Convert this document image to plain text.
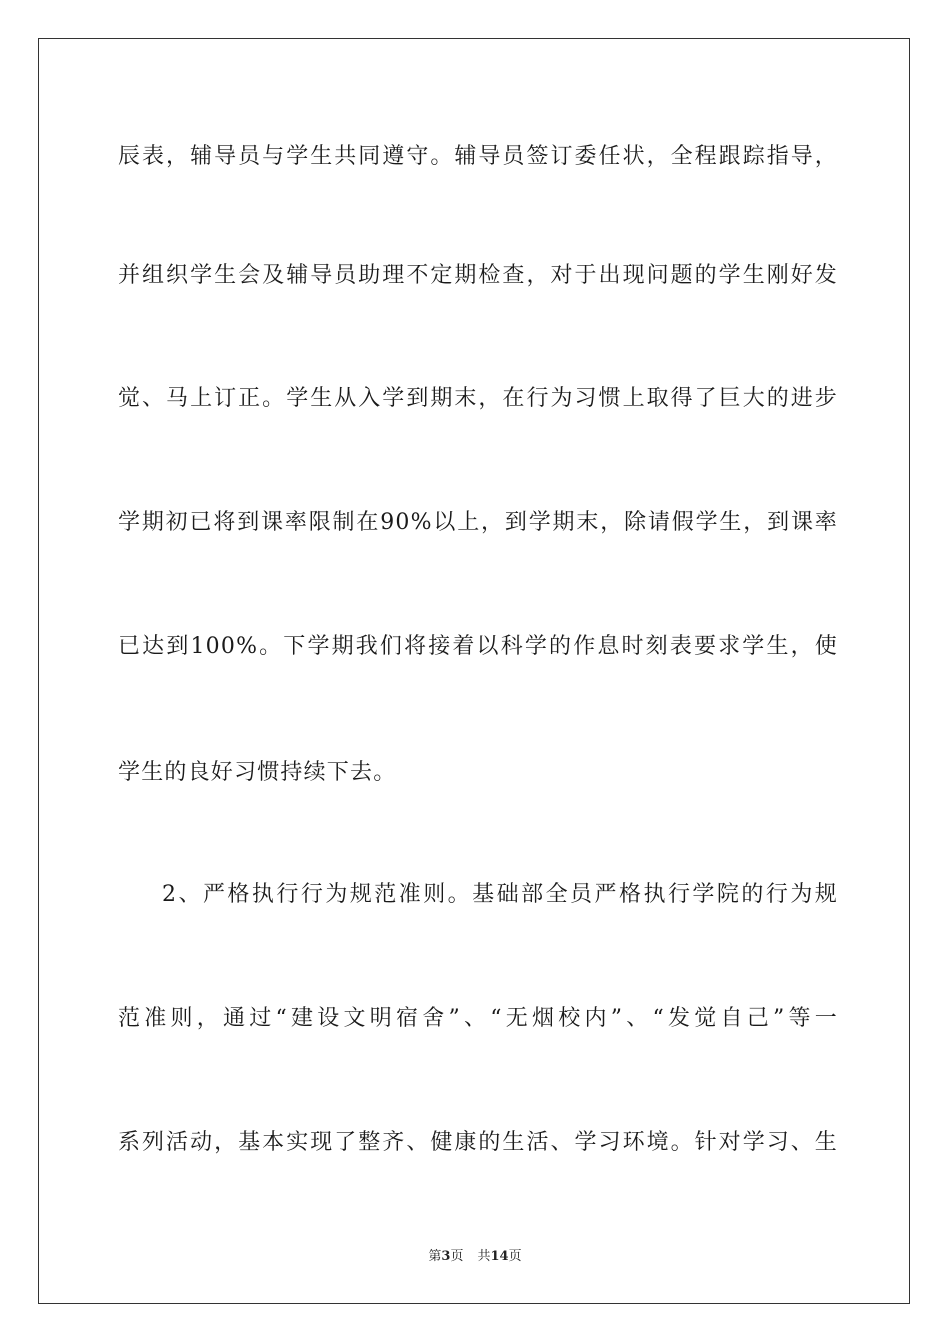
辰表，辅导员与学生共同遵守。辅导员签订委任状，全程跟踪指导，
并组织学生会及辅导员助理不定期检查，对于出现问题的学生刚好发
觉、马上订正。学生从入学到期末，在行为习惯上取得了巨大的进步
学期初已将到课率限制在90%以上，到学期末，除请假学生，到课率
已达到100%。下学期我们将接着以科学的作息时刻表要求学生，使
学生的良好习惯持续下去。
2、严格执行行为规范准则。基础部全员严格执行学院的行为规
范准则，通过“建设文明宿舍”、“无烟校内”、“发觉自己”等一
系列活动，基本实现了整齐、健康的生活、学习环境。针对学习、生
第3页 共14页
